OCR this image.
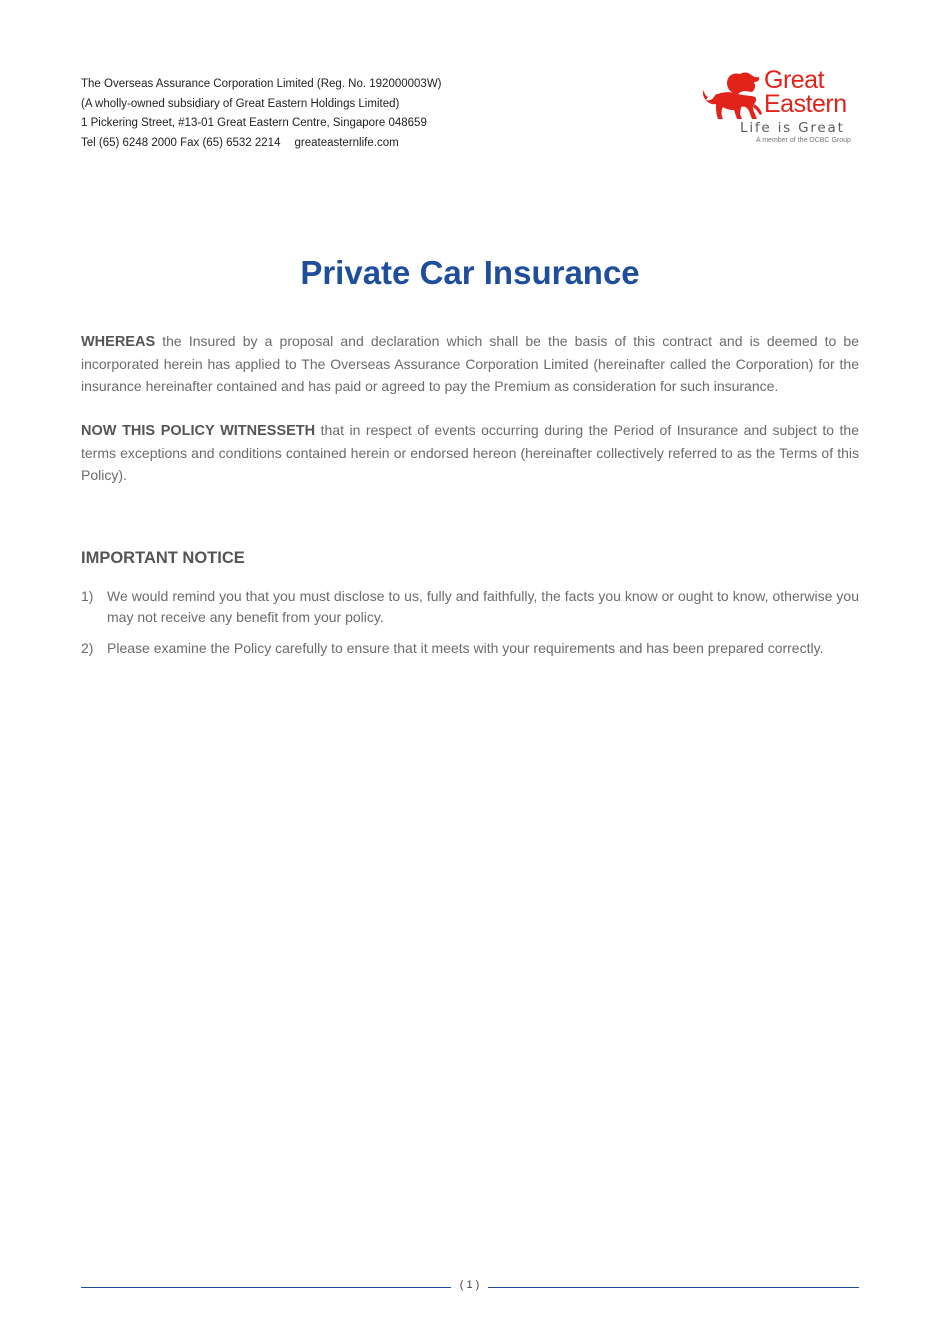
The Overseas Assurance Corporation Limited (Reg. No. 192000003W)
(A wholly-owned subsidiary of Great Eastern Holdings Limited)
1 Pickering Street, #13-01 Great Eastern Centre, Singapore 048659
Tel (65) 6248 2000 Fax (65) 6532 2214 greateasternlife.com
Great
Eastern
Life is Great
A member of the OCBC Group
Private Car Insurance

WHEREAS the Insured by a proposal and declaration which shall be the basis of this contract and is deemed to be incorporated herein has applied to The Overseas Assurance Corporation Limited (hereinafter called the Corporation) for the insurance hereinafter contained and has paid or agreed to pay the Premium as consideration for such insurance.

NOW THIS POLICY WITNESSETH that in respect of events occurring during the Period of Insurance and subject to the terms exceptions and conditions contained herein or endorsed hereon (hereinafter collectively referred to as the Terms of this Policy).

IMPORTANT NOTICE
1) We would remind you that you must disclose to us, fully and faithfully, the facts you know or ought to know, otherwise you may not receive any benefit from your policy.
2) Please examine the Policy carefully to ensure that it meets with your requirements and has been prepared correctly.
( 1 )
